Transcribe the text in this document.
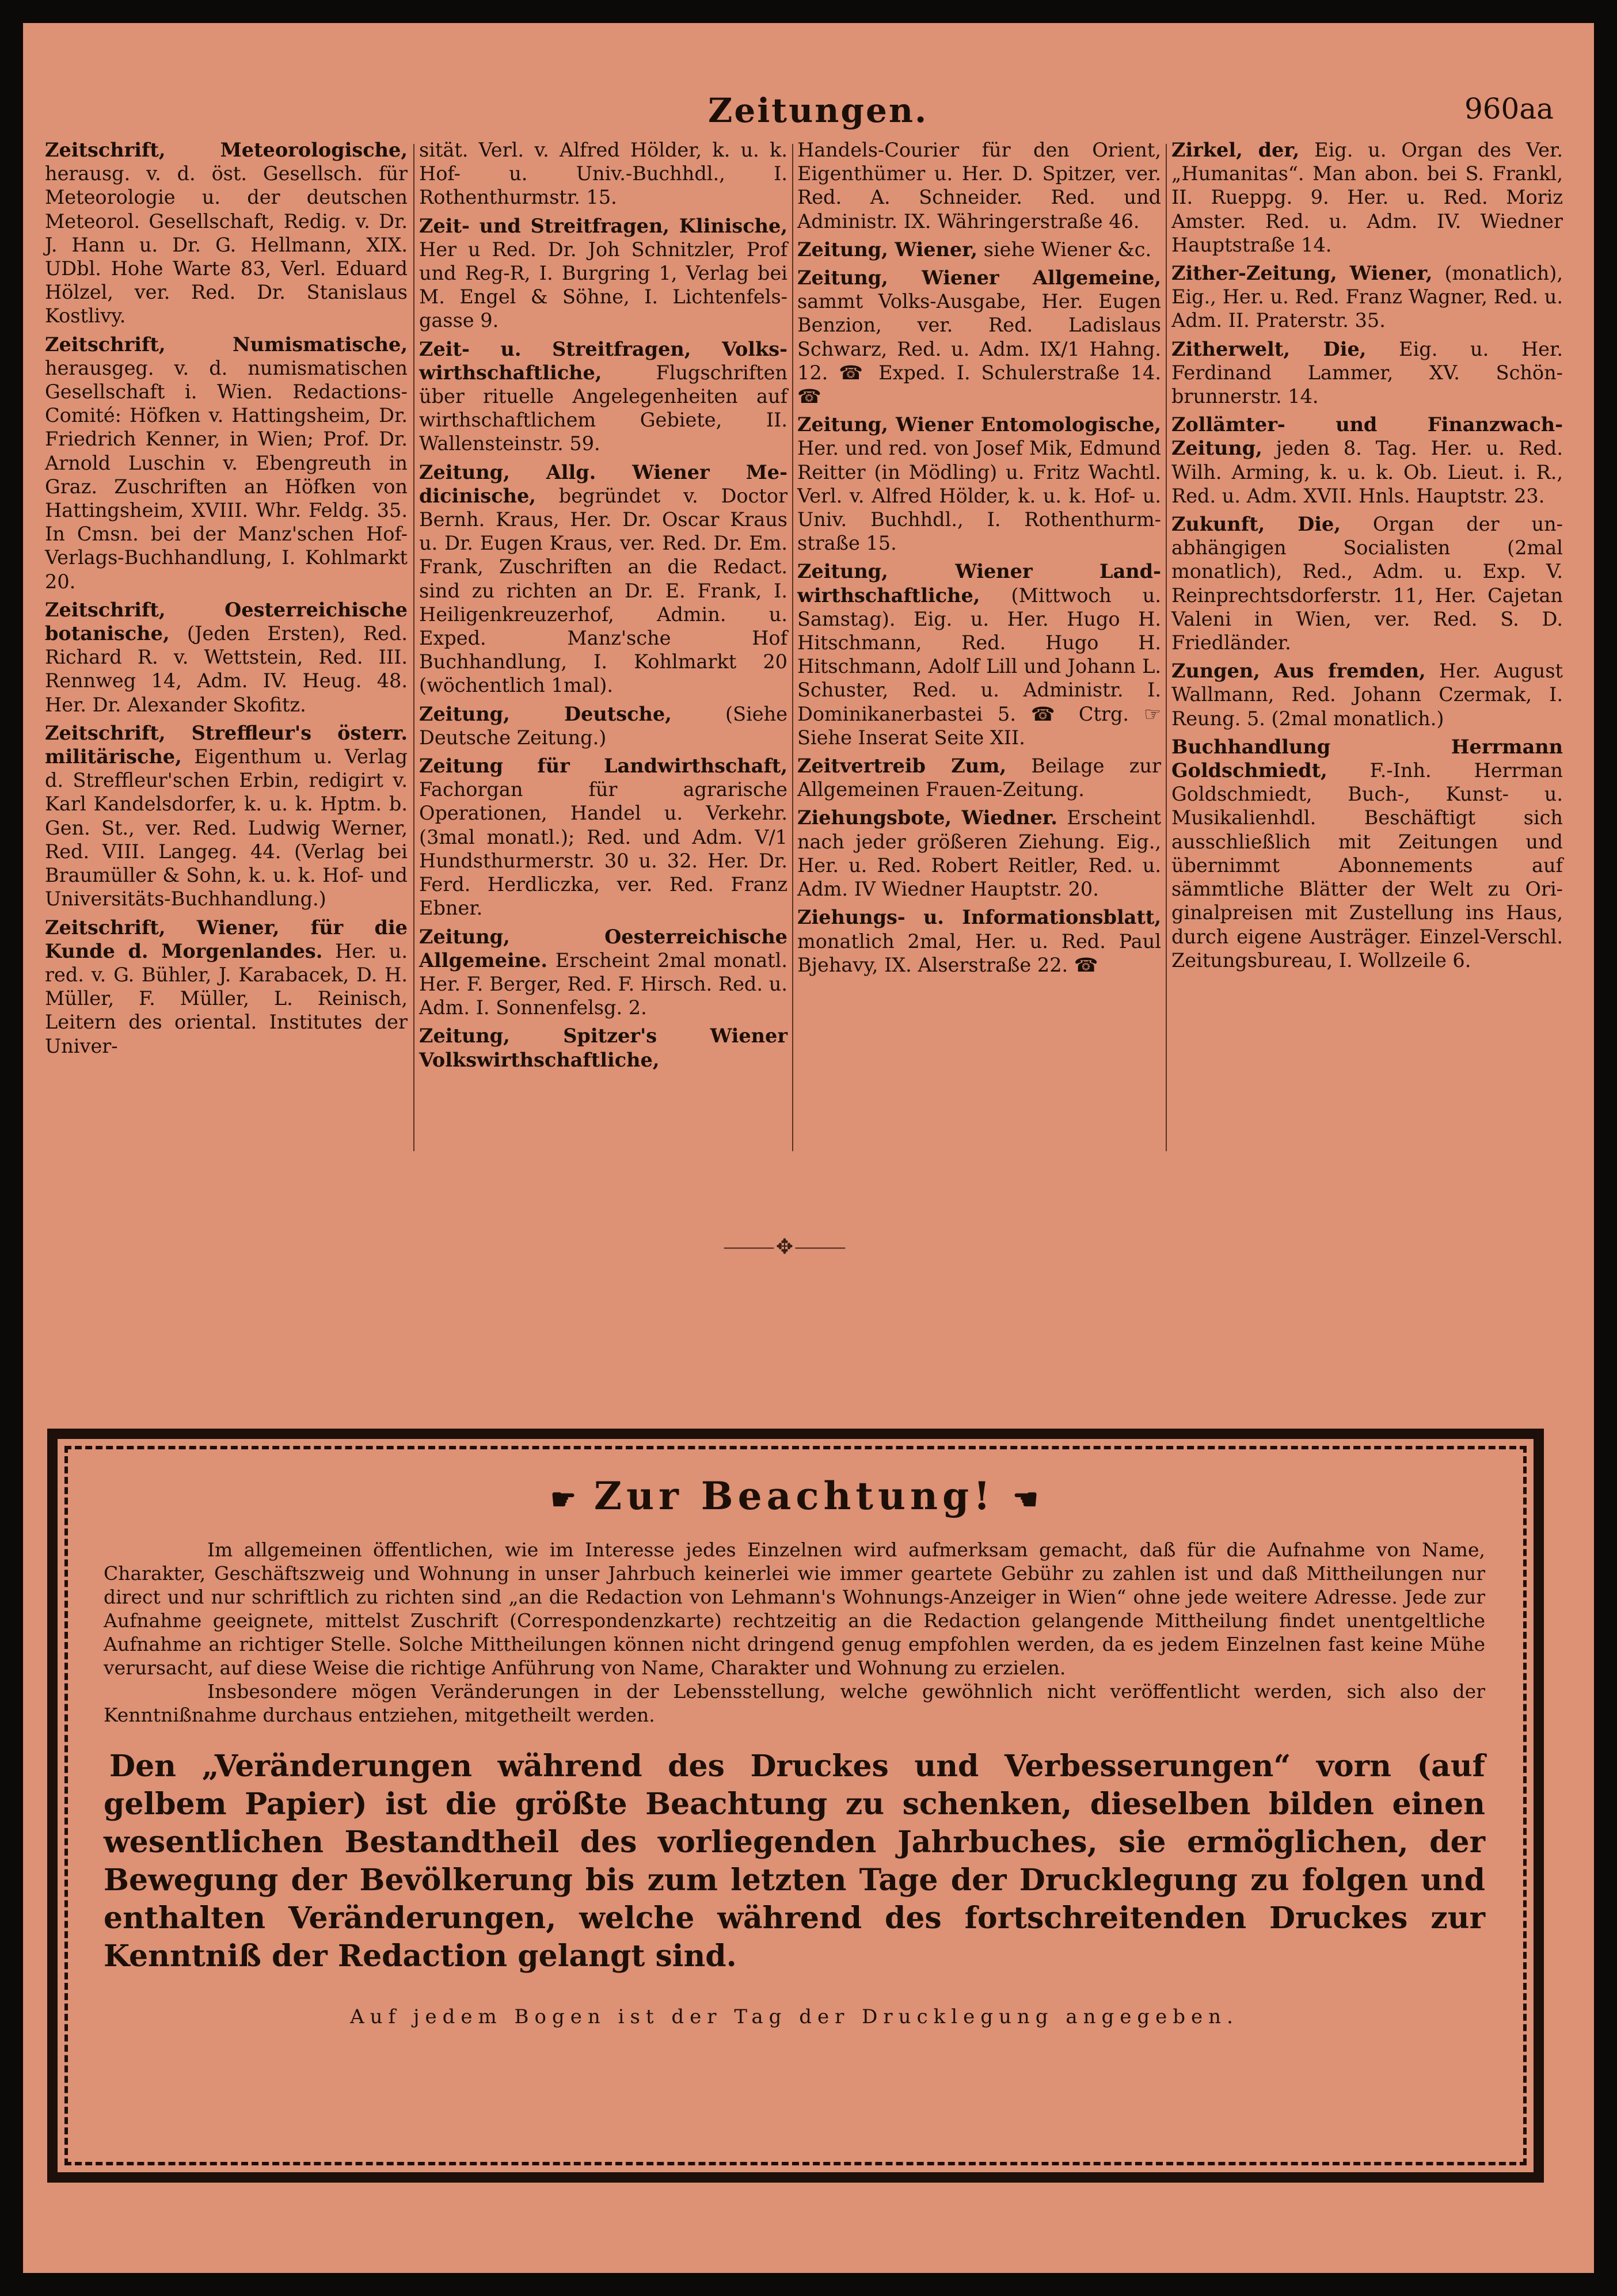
Zeitungen.	960aa

Zeitschrift, Meteorologische, herausg. v. d. öst. Gesellsch. für Meteorologie u. der deutschen Meteorol. Gesellschaft, Redig. v. Dr. J. Hann u. Dr. G. Hellmann, XIX. UDbl. Hohe Warte 83, Verl. Eduard Hölzel, ver. Red. Dr. Stanislaus Kostlivy.

Zeitschrift, Numismatische, herausgeg. v. d. numismatischen Gesellschaft i. Wien. Redactions-Comité: Höfken v. Hattingsheim, Dr. Friedrich Kenner, in Wien; Prof. Dr. Arnold Luschin v. Ebengreuth in Graz. Zuschriften an Höfken von Hattingsheim, XVIII. Whr. Feldg. 35. In Cmsn. bei der Manz'schen Hof-Verlags-Buchhandlung, I. Kohlmarkt 20.

Zeitschrift, Oesterreichische botanische, (Jeden Ersten), Red. Richard R. v. Wettstein, Red. III. Rennweg 14, Adm. IV. Heug. 48. Her. Dr. Alexander Skofitz.

Zeitschrift, Streffleur's österr. militärische, Eigenthum u. Verlag d. Streffleur'schen Erbin, redigirt v. Karl Kandelsdorfer, k. u. k. Hptm. b. Gen. St., ver. Red. Ludwig Werner, Red. VIII. Langeg. 44. (Verlag bei Braumüller & Sohn, k. u. k. Hof- und Universitäts-Buchhandlung.)

Zeitschrift, Wiener, für die Kunde d. Morgenlandes. Her. u. red. v. G. Bühler, J. Karabacek, D. H. Müller, F. Müller, L. Reinisch, Leitern des oriental. Institutes der Univer-

sität. Verl. v. Alfred Hölder, k. u. k. Hof- u. Univ.-Buchhdl., I. Rothenthurmstr. 15.

Zeit- und Streitfragen, Klinische, Her u Red. Dr. Joh Schnitzler, Prof und Reg-R, I. Burgring 1, Verlag bei M. Engel & Söhne, I. Lichtenfelsgasse 9.

Zeit- u. Streitfragen, Volkswirthschaftliche, Flugschriften über rituelle Angelegenheiten auf wirthschaftlichem Gebiete, II. Wallensteinstr. 59.

Zeitung, Allg. Wiener Medicinische, begründet v. Doctor Bernh. Kraus, Her. Dr. Oscar Kraus u. Dr. Eugen Kraus, ver. Red. Dr. Em. Frank, Zuschriften an die Redact. sind zu richten an Dr. E. Frank, I. Heiligenkreuzerhof, Admin. u. Exped. Manz'sche Hof Buchhandlung, I. Kohlmarkt 20 (wöchentlich 1mal).

Zeitung, Deutsche, (Siehe Deutsche Zeitung.)

Zeitung für Landwirthschaft, Fachorgan für agrarische Operationen, Handel u. Verkehr. (3mal monatl.); Red. und Adm. V/1 Hundsthurmerstr. 30 u. 32. Her. Dr. Ferd. Herdliczka, ver. Red. Franz Ebner.

Zeitung, Oesterreichische Allgemeine. Erscheint 2mal monatl. Her. F. Berger, Red. F. Hirsch. Red. u. Adm. I. Sonnenfelsg. 2.

Zeitung, Spitzer's Wiener Volkswirthschaftliche,

Handels-Courier für den Orient, Eigenthümer u. Her. D. Spitzer, ver. Red. A. Schneider. Red. und Administr. IX. Währingerstraße 46.

Zeitung, Wiener, siehe Wiener &c.

Zeitung, Wiener Allgemeine, sammt Volks-Ausgabe, Her. Eugen Benzion, ver. Red. Ladislaus Schwarz, Red. u. Adm. IX/1 Hahng. 12. ☎ Exped. I. Schulerstraße 14. ☎

Zeitung, Wiener Entomologische, Her. und red. von Josef Mik, Edmund Reitter (in Mödling) u. Fritz Wachtl. Verl. v. Alfred Hölder, k. u. k. Hof- u. Univ. Buchhdl., I. Rothenthurmstraße 15.

Zeitung, Wiener Landwirthschaftliche, (Mittwoch u. Samstag). Eig. u. Her. Hugo H. Hitschmann, Red. Hugo H. Hitschmann, Adolf Lill und Johann L. Schuster, Red. u. Administr. I. Dominikanerbastei 5. ☎ Ctrg. ☞ Siehe Inserat Seite XII.

Zeitvertreib Zum, Beilage zur Allgemeinen Frauen-Zeitung.

Ziehungsbote, Wiedner. Erscheint nach jeder größeren Ziehung. Eig., Her. u. Red. Robert Reitler, Red. u. Adm. IV Wiedner Hauptstr. 20.

Ziehungs- u. Informationsblatt, monatlich 2mal, Her. u. Red. Paul Bjehavy, IX. Alserstraße 22. ☎

Zirkel, der, Eig. u. Organ des Ver. „Humanitas“. Man abon. bei S. Frankl, II. Rueppg. 9. Her. u. Red. Moriz Amster. Red. u. Adm. IV. Wiedner Hauptstraße 14.

Zither-Zeitung, Wiener, (monatlich), Eig., Her. u. Red. Franz Wagner, Red. u. Adm. II. Praterstr. 35.

Zitherwelt, Die, Eig. u. Her. Ferdinand Lammer, XV. Schönbrunnerstr. 14.

Zollämter- und Finanzwach-Zeitung, jeden 8. Tag. Her. u. Red. Wilh. Arming, k. u. k. Ob. Lieut. i. R., Red. u. Adm. XVII. Hnls. Hauptstr. 23.

Zukunft, Die, Organ der unabhängigen Socialisten (2mal monatlich), Red., Adm. u. Exp. V. Reinprechtsdorferstr. 11, Her. Cajetan Valeni in Wien, ver. Red. S. D. Friedländer.

Zungen, Aus fremden, Her. August Wallmann, Red. Johann Czermak, I. Reung. 5. (2mal monatlich.)

Buchhandlung Herrmann Goldschmiedt, F.-Inh. Herrman Goldschmiedt, Buch-, Kunst- u. Musikalienhdl. Beschäftigt sich ausschließlich mit Zeitungen und übernimmt Abonnements auf sämmtliche Blätter der Welt zu Originalpreisen mit Zustellung ins Haus, durch eigene Austräger. Einzel-Verschl. Zeitungsbureau, I. Wollzeile 6.

⸻✥⸻
☛ Zur Beachtung! ☚

Im allgemeinen öffentlichen, wie im Interesse jedes Einzelnen wird aufmerksam gemacht, daß für die Aufnahme von Name, Charakter, Geschäftszweig und Wohnung in unser Jahrbuch keinerlei wie immer geartete Gebühr zu zahlen ist und daß Mittheilungen nur direct und nur schriftlich zu richten sind „an die Redaction von Lehmann's Wohnungs-Anzeiger in Wien“ ohne jede weitere Adresse. Jede zur Aufnahme geeignete, mittelst Zuschrift (Correspondenzkarte) rechtzeitig an die Redaction gelangende Mittheilung findet unentgeltliche Aufnahme an richtiger Stelle. Solche Mittheilungen können nicht dringend genug empfohlen werden, da es jedem Einzelnen fast keine Mühe verursacht, auf diese Weise die richtige Anführung von Name, Charakter und Wohnung zu erzielen.

Insbesondere mögen Veränderungen in der Lebensstellung, welche gewöhnlich nicht veröffentlicht werden, sich also der Kenntnißnahme durchaus entziehen, mitgetheilt werden.

Den „Veränderungen während des Druckes und Verbesserungen“ vorn (auf gelbem Papier) ist die größte Beachtung zu schenken, dieselben bilden einen wesentlichen Bestandtheil des vorliegenden Jahrbuches, sie ermöglichen, der Bewegung der Bevölkerung bis zum letzten Tage der Drucklegung zu folgen und enthalten Veränderungen, welche während des fortschreitenden Druckes zur Kenntniß der Redaction gelangt sind.

Auf jedem Bogen ist der Tag der Drucklegung angegeben.
